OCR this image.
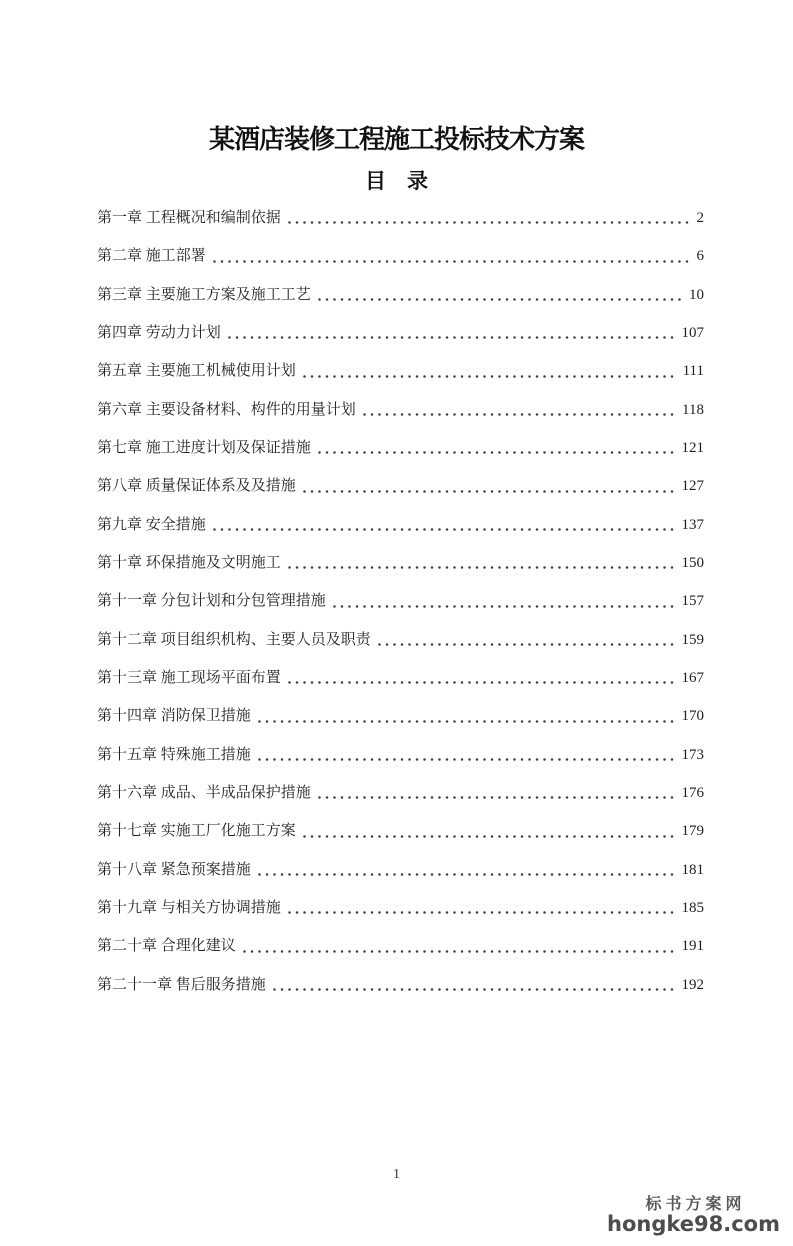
某酒店装修工程施工投标技术方案
目　录
第一章 工程概况和编制依据	2
第二章 施工部署	6
第三章 主要施工方案及施工工艺	10
第四章 劳动力计划	107
第五章 主要施工机械使用计划	111
第六章 主要设备材料、构件的用量计划	118
第七章 施工进度计划及保证措施	121
第八章 质量保证体系及及措施	127
第九章 安全措施	137
第十章 环保措施及文明施工	150
第十一章 分包计划和分包管理措施	157
第十二章 项目组织机构、主要人员及职责	159
第十三章 施工现场平面布置	167
第十四章 消防保卫措施	170
第十五章 特殊施工措施	173
第十六章 成品、半成品保护措施	176
第十七章 实施工厂化施工方案	179
第十八章 紧急预案措施	181
第十九章 与相关方协调措施	185
第二十章 合理化建议	191
第二十一章 售后服务措施	192
1
标书方案网
hongke98.com
